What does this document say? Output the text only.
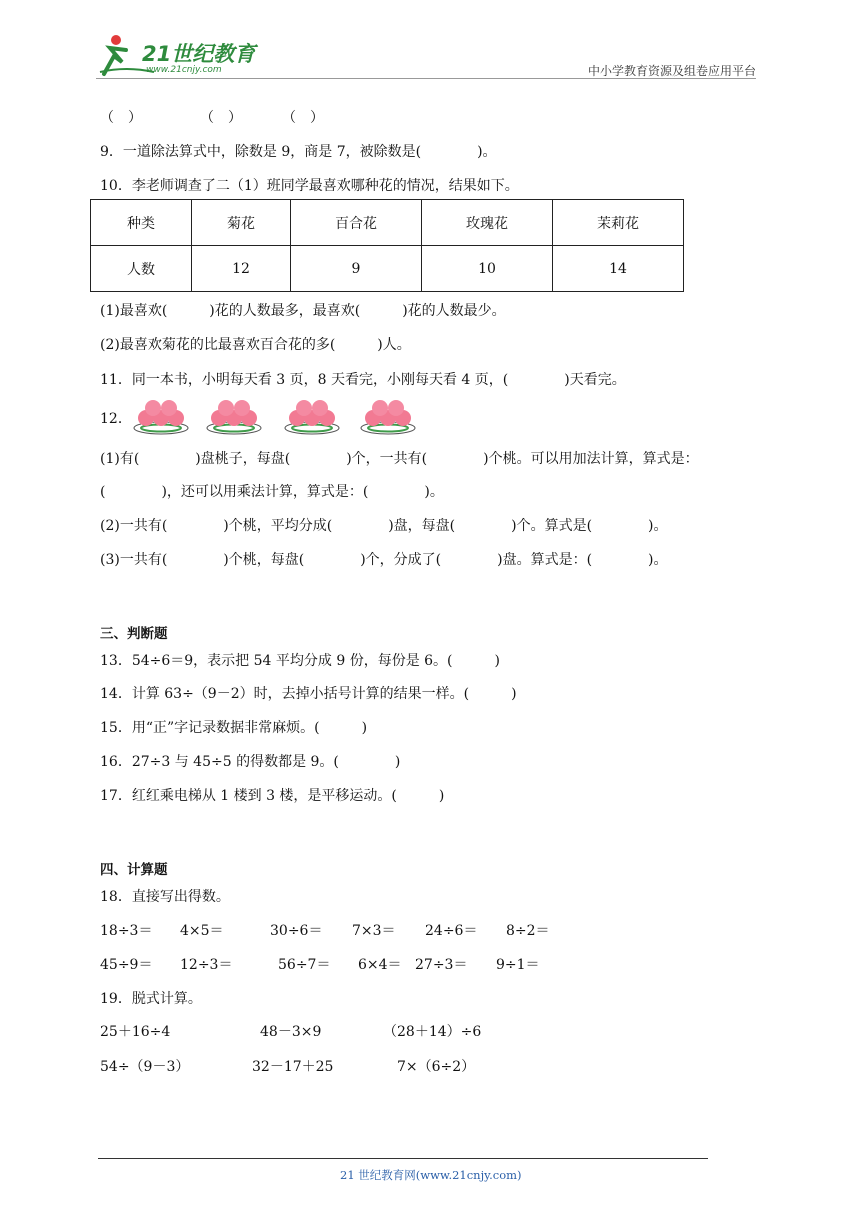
21世纪教育
www.21cnjy.com	中小学教育资源及组卷应用平台
（　）	（　）	（　）
9．一道除法算式中，除数是 9，商是 7，被除数是(　　　　)。
10．李老师调查了二（1）班同学最喜欢哪种花的情况，结果如下。
种类	菊花	百合花	玫瑰花	茉莉花
人数	12	9	10	14
(1)最喜欢(　　　)花的人数最多，最喜欢(　　　)花的人数最少。
(2)最喜欢菊花的比最喜欢百合花的多(　　　)人。
11．同一本书，小明每天看 3 页，8 天看完，小刚每天看 4 页，(　　　　)天看完。
12．
(1)有(　　　　)盘桃子，每盘(　　　　)个，一共有(　　　　)个桃。可以用加法计算，算式是：
(　　　　)，还可以用乘法计算，算式是：(　　　　)。
(2)一共有(　　　　)个桃，平均分成(　　　　)盘，每盘(　　　　)个。算式是(　　　　)。
(3)一共有(　　　　)个桃，每盘(　　　　)个，分成了(　　　　)盘。算式是：(　　　　)。
三、判断题
13．54÷6＝9，表示把 54 平均分成 9 份，每份是 6。(　　　)
14．计算 63÷（9－2）时，去掉小括号计算的结果一样。(　　　)
15．用“正”字记录数据非常麻烦。(　　　)
16．27÷3 与 45÷5 的得数都是 9。(　　　　)
17．红红乘电梯从 1 楼到 3 楼，是平移运动。(　　　)
四、计算题
18．直接写出得数。
18÷3＝ 4×5＝	30÷6＝ 7×3＝ 24÷6＝ 8÷2＝
45÷9＝ 12÷3＝	56÷7＝ 6×4＝ 27÷3＝ 9÷1＝
19．脱式计算。
25＋16÷4	48－3×9	（28＋14）÷6
54÷（9－3）	32－17＋25	7×（6÷2）
21 世纪教育网(www.21cnjy.com)
